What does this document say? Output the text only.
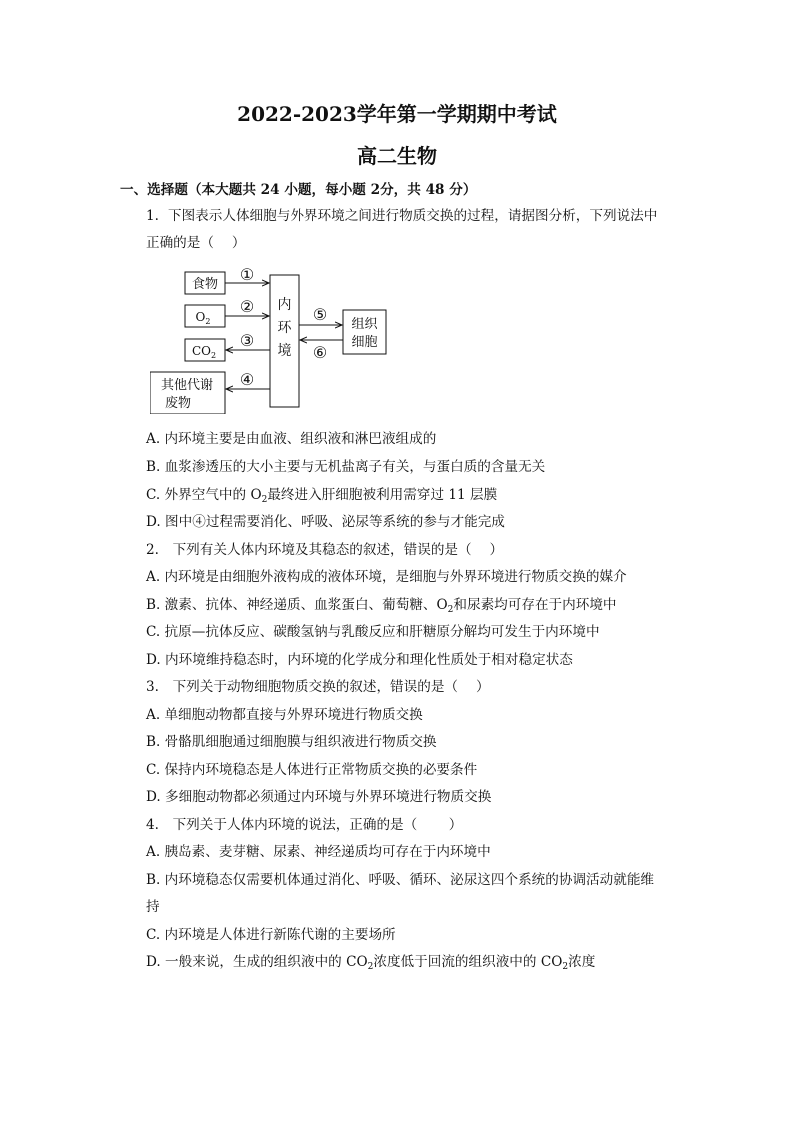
2022-2023学年第一学期期中考试
高二生物
一、选择题（本大题共 24 小题，每小题 2分，共 48 分）
1. 下图表示人体细胞与外界环境之间进行物质交换的过程，请据图分析，下列说法中
正确的是（　 ）
食物
$O_2$
$CO_2$
其他代谢
废物
内
环
境
组织
细胞
①
②
③
④
⑤
⑥
A. 内环境主要是由血液、组织液和淋巴液组成的
B. 血浆渗透压的大小主要与无机盐离子有关，与蛋白质的含量无关
C. 外界空气中的 $O_2$最终进入肝细胞被利用需穿过 11 层膜
D. 图中④过程需要消化、呼吸、泌尿等系统的参与才能完成
2.　下列有关人体内环境及其稳态的叙述，错误的是（　 ）
A. 内环境是由细胞外液构成的液体环境，是细胞与外界环境进行物质交换的媒介
B. 激素、抗体、神经递质、血浆蛋白、葡萄糖、$O_2$和尿素均可存在于内环境中
C. 抗原—抗体反应、碳酸氢钠与乳酸反应和肝糖原分解均可发生于内环境中
D. 内环境维持稳态时，内环境的化学成分和理化性质处于相对稳定状态
3.　下列关于动物细胞物质交换的叙述，错误的是（　 ）
A. 单细胞动物都直接与外界环境进行物质交换
B. 骨骼肌细胞通过细胞膜与组织液进行物质交换
C. 保持内环境稳态是人体进行正常物质交换的必要条件
D. 多细胞动物都必须通过内环境与外界环境进行物质交换
4.　下列关于人体内环境的说法，正确的是（　　 ）
A. 胰岛素、麦芽糖、尿素、神经递质均可存在于内环境中
B. 内环境稳态仅需要机体通过消化、呼吸、循环、泌尿这四个系统的协调活动就能维
持
C. 内环境是人体进行新陈代谢的主要场所
D. 一般来说，生成的组织液中的 $CO_2$浓度低于回流的组织液中的 $CO_2$浓度
